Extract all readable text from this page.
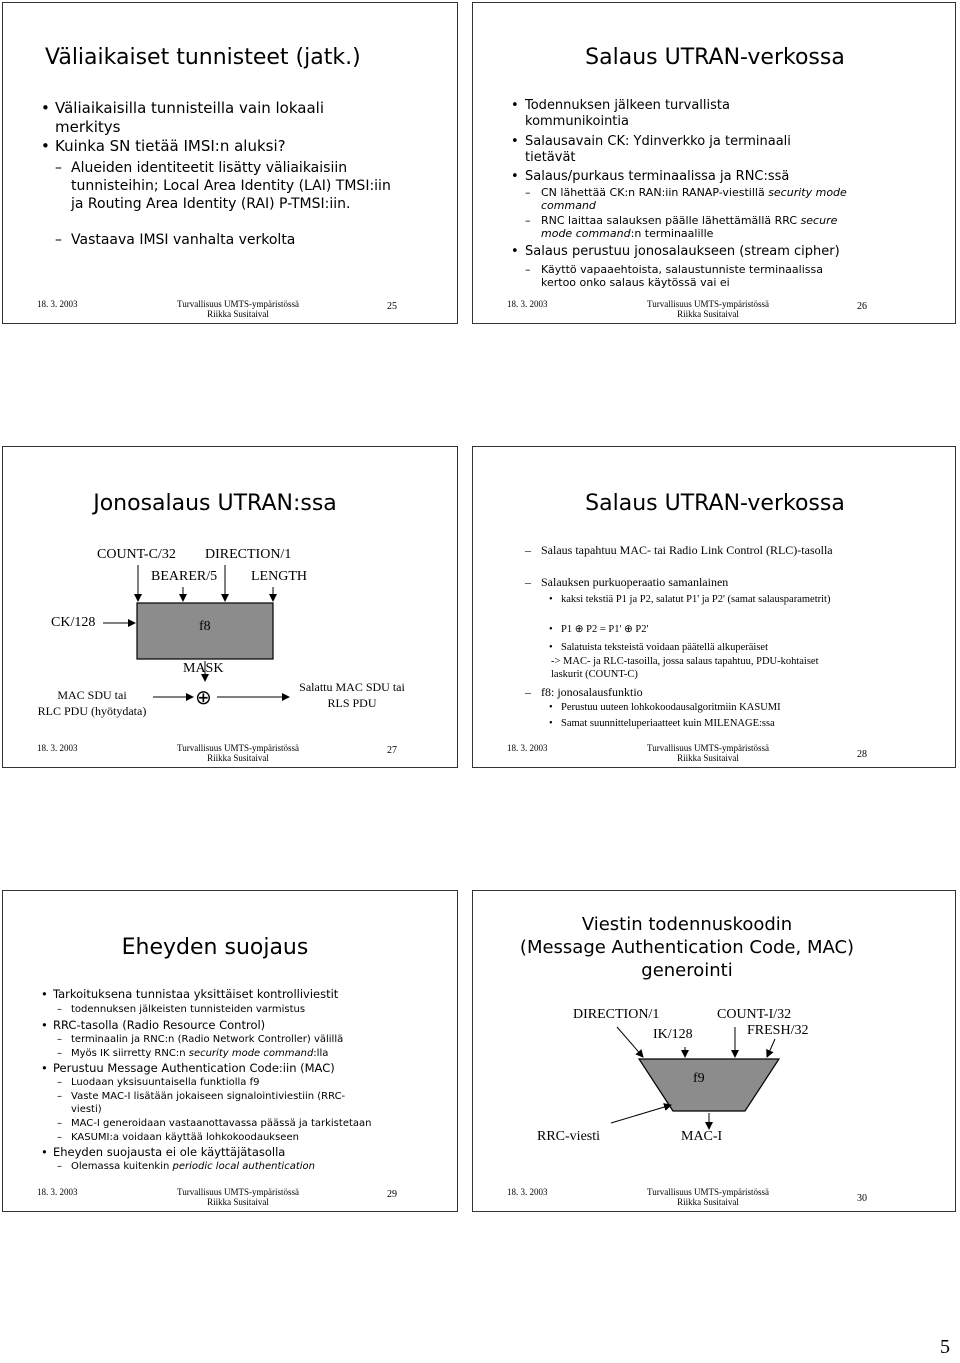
Väliaikaiset tunnisteet (jatk.)
• Väliaikaisilla tunnisteilla vain lokaali merkitys
• Kuinka SN tietää IMSI:n aluksi?
– Alueiden identiteetit lisätty väliaikaisiin tunnisteihin; Local Area Identity (LAI) TMSI:iin ja Routing Area Identity (RAI) P-TMSI:iin.
– Vastaava IMSI vanhalta verkolta
18. 3. 2003	Turvallisuus UMTS-ympäristössä
Riikka Susitaival
25
Salaus UTRAN-verkossa
• Todennuksen jälkeen turvallista kommunikointia
• Salausavain CK: Ydinverkko ja terminaali tietävät
• Salaus/purkaus terminaalissa ja RNC:ssä
– CN lähettää CK:n RAN:iin RANAP-viestillä security mode command
– RNC laittaa salauksen päälle lähettämällä RRC secure mode command:n terminaalille
• Salaus perustuu jonosalaukseen (stream cipher)
– Käyttö vapaaehtoista, salaustunniste terminaalissa kertoo onko salaus käytössä vai ei
18. 3. 2003	Turvallisuus UMTS-ympäristössä
Riikka Susitaival
26
Jonosalaus UTRAN:ssa
COUNT-C/32 DIRECTION/1
BEARER/5 LENGTH
CK/128	f8
MASK
⊕
MAC SDU tai
RLC PDU (hyötydata)
Salattu MAC SDU tai
RLS PDU
18. 3. 2003	Turvallisuus UMTS-ympäristössä
Riikka Susitaival
27
Salaus UTRAN-verkossa
– Salaus tapahtuu MAC- tai Radio Link Control (RLC)-tasolla
– Salauksen purkuoperaatio samanlainen
• kaksi tekstiä P1 ja P2, salatut P1' ja P2' (samat salausparametrit)
• P1 ⊕ P2 = P1' ⊕ P2'
• Salatuista teksteistä voidaan päätellä alkuperäiset
-> MAC- ja RLC-tasoilla, jossa salaus tapahtuu, PDU-kohtaiset laskurit (COUNT-C)
– f8: jonosalausfunktio
• Perustuu uuteen lohkokoodausalgoritmiin KASUMI
• Samat suunnitteluperiaatteet kuin MILENAGE:ssa
18. 3. 2003	Turvallisuus UMTS-ympäristössä
Riikka Susitaival	28
Eheyden suojaus
• Tarkoituksena tunnistaa yksittäiset kontrolliviestit
– todennuksen jälkeisten tunnisteiden varmistus
• RRC-tasolla (Radio Resource Control)
– terminaalin ja RNC:n (Radio Network Controller) välillä
– Myös IK siirretty RNC:n security mode command:lla
• Perustuu Message Authentication Code:iin (MAC)
– Luodaan yksisuuntaisella funktiolla f9
– Vaste MAC-I lisätään jokaiseen signalointiviestiin (RRC-viesti)
– MAC-I generoidaan vastaanottavassa päässä ja tarkistetaan
– KASUMI:a voidaan käyttää lohkokoodaukseen
• Eheyden suojausta ei ole käyttäjätasolla
– Olemassa kuitenkin periodic local authentication
18. 3. 2003	Turvallisuus UMTS-ympäristössä
Riikka Susitaival
29
Viestin todennuskoodin
(Message Authentication Code, MAC)
generointi
DIRECTION/1	COUNT-I/32
IK/128	FRESH/32
f9
RRC-viesti	MAC-I
18. 3. 2003	Turvallisuus UMTS-ympäristössä
Riikka Susitaival	30
5
